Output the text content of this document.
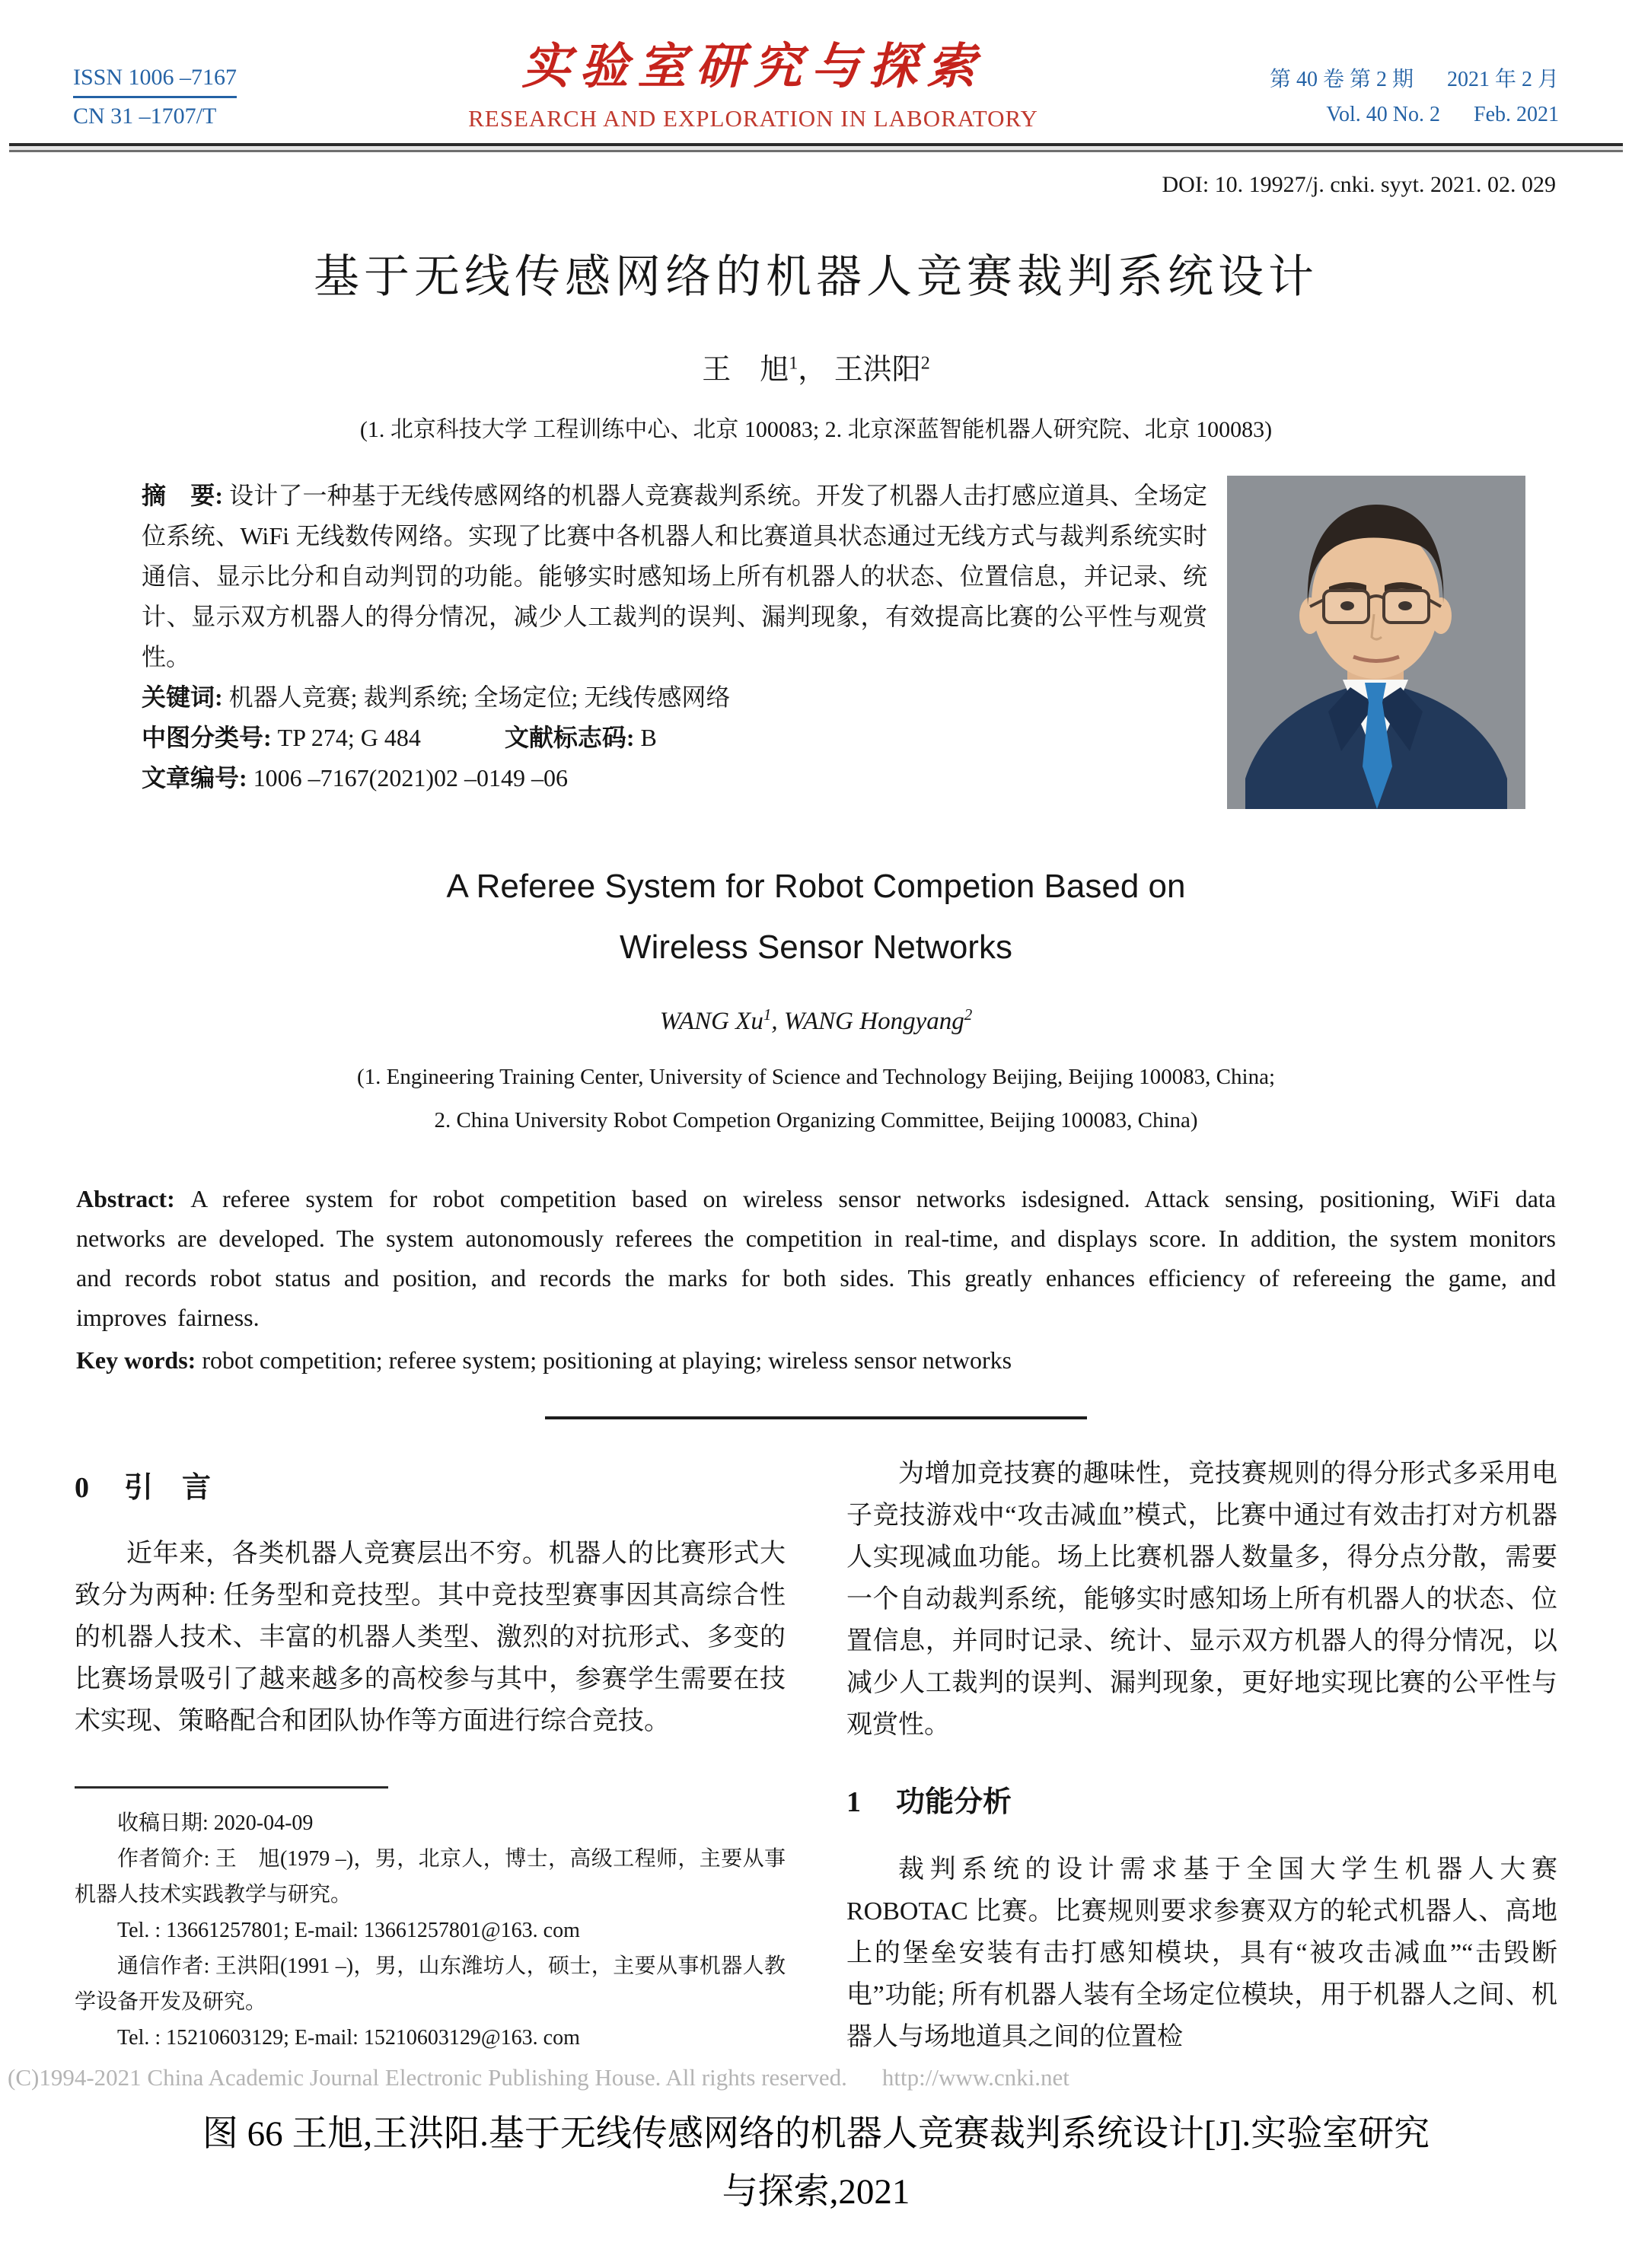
ISSN 1006 –7167
CN 31 –1707/T
实验室研究与探索
RESEARCH AND EXPLORATION IN LABORATORY
第 40 卷 第 2 期 2021 年 2 月
Vol. 40 No. 2 Feb. 2021
DOI: 10. 19927/j. cnki. syyt. 2021. 02. 029
基于无线传感网络的机器人竞赛裁判系统设计
王　旭$^1$， 王洪阳$^2$
(1. 北京科技大学 工程训练中心、北京 100083; 2. 北京深蓝智能机器人研究院、北京 100083)
摘　要: 设计了一种基于无线传感网络的机器人竞赛裁判系统。开发了机器人击打感应道具、全场定位系统、WiFi 无线数传网络。实现了比赛中各机器人和比赛道具状态通过无线方式与裁判系统实时通信、显示比分和自动判罚的功能。能够实时感知场上所有机器人的状态、位置信息，并记录、统计、显示双方机器人的得分情况，减少人工裁判的误判、漏判现象，有效提高比赛的公平性与观赏性。
关键词: 机器人竞赛; 裁判系统; 全场定位; 无线传感网络
中图分类号: TP 274; G 484	文献标志码: B
文章编号: 1006 –7167(2021)02 –0149 –06
A Referee System for Robot Competion Based on
Wireless Sensor Networks
WANG Xu$^1$, WANG Hongyang$^2$
(1. Engineering Training Center, University of Science and Technology Beijing, Beijing 100083, China;
2. China University Robot Competion Organizing Committee, Beijing 100083, China)
Abstract: A referee system for robot competition based on wireless sensor networks isdesigned. Attack sensing, positioning, WiFi data networks are developed. The system autonomously referees the competition in real-time, and displays score. In addition, the system monitors and records robot status and position, and records the marks for both sides. This greatly enhances efficiency of refereeing the game, and improves fairness.
Key words: robot competition; referee system; positioning at playing; wireless sensor networks
0 引　言

近年来，各类机器人竞赛层出不穷。机器人的比赛形式大致分为两种: 任务型和竞技型。其中竞技型赛事因其高综合性的机器人技术、丰富的机器人类型、激烈的对抗形式、多变的比赛场景吸引了越来越多的高校参与其中，参赛学生需要在技术实现、策略配合和团队协作等方面进行综合竞技。

收稿日期: 2020-04-09

作者简介: 王　旭(1979 –)，男，北京人，博士，高级工程师，主要从事机器人技术实践教学与研究。

Tel. : 13661257801; E-mail: 13661257801@163. com

通信作者: 王洪阳(1991 –)，男，山东潍坊人，硕士，主要从事机器人教学设备开发及研究。

Tel. : 15210603129; E-mail: 15210603129@163. com

为增加竞技赛的趣味性，竞技赛规则的得分形式多采用电子竞技游戏中“攻击减血”模式，比赛中通过有效击打对方机器人实现减血功能。场上比赛机器人数量多，得分点分散，需要一个自动裁判系统，能够实时感知场上所有机器人的状态、位置信息，并同时记录、统计、显示双方机器人的得分情况，以减少人工裁判的误判、漏判现象，更好地实现比赛的公平性与观赏性。

1 功能分析

裁判系统的设计需求基于全国大学生机器人大赛 ROBOTAC 比赛。比赛规则要求参赛双方的轮式机器人、高地上的堡垒安装有击打感知模块，具有“被攻击减血”“击毁断电”功能; 所有机器人装有全场定位模块，用于机器人之间、机器人与场地道具之间的位置检

(C)1994-2021 China Academic Journal Electronic Publishing House. All rights reserved. http://www.cnki.net
图 66 王旭,王洪阳.基于无线传感网络的机器人竞赛裁判系统设计[J].实验室研究
与探索,2021
